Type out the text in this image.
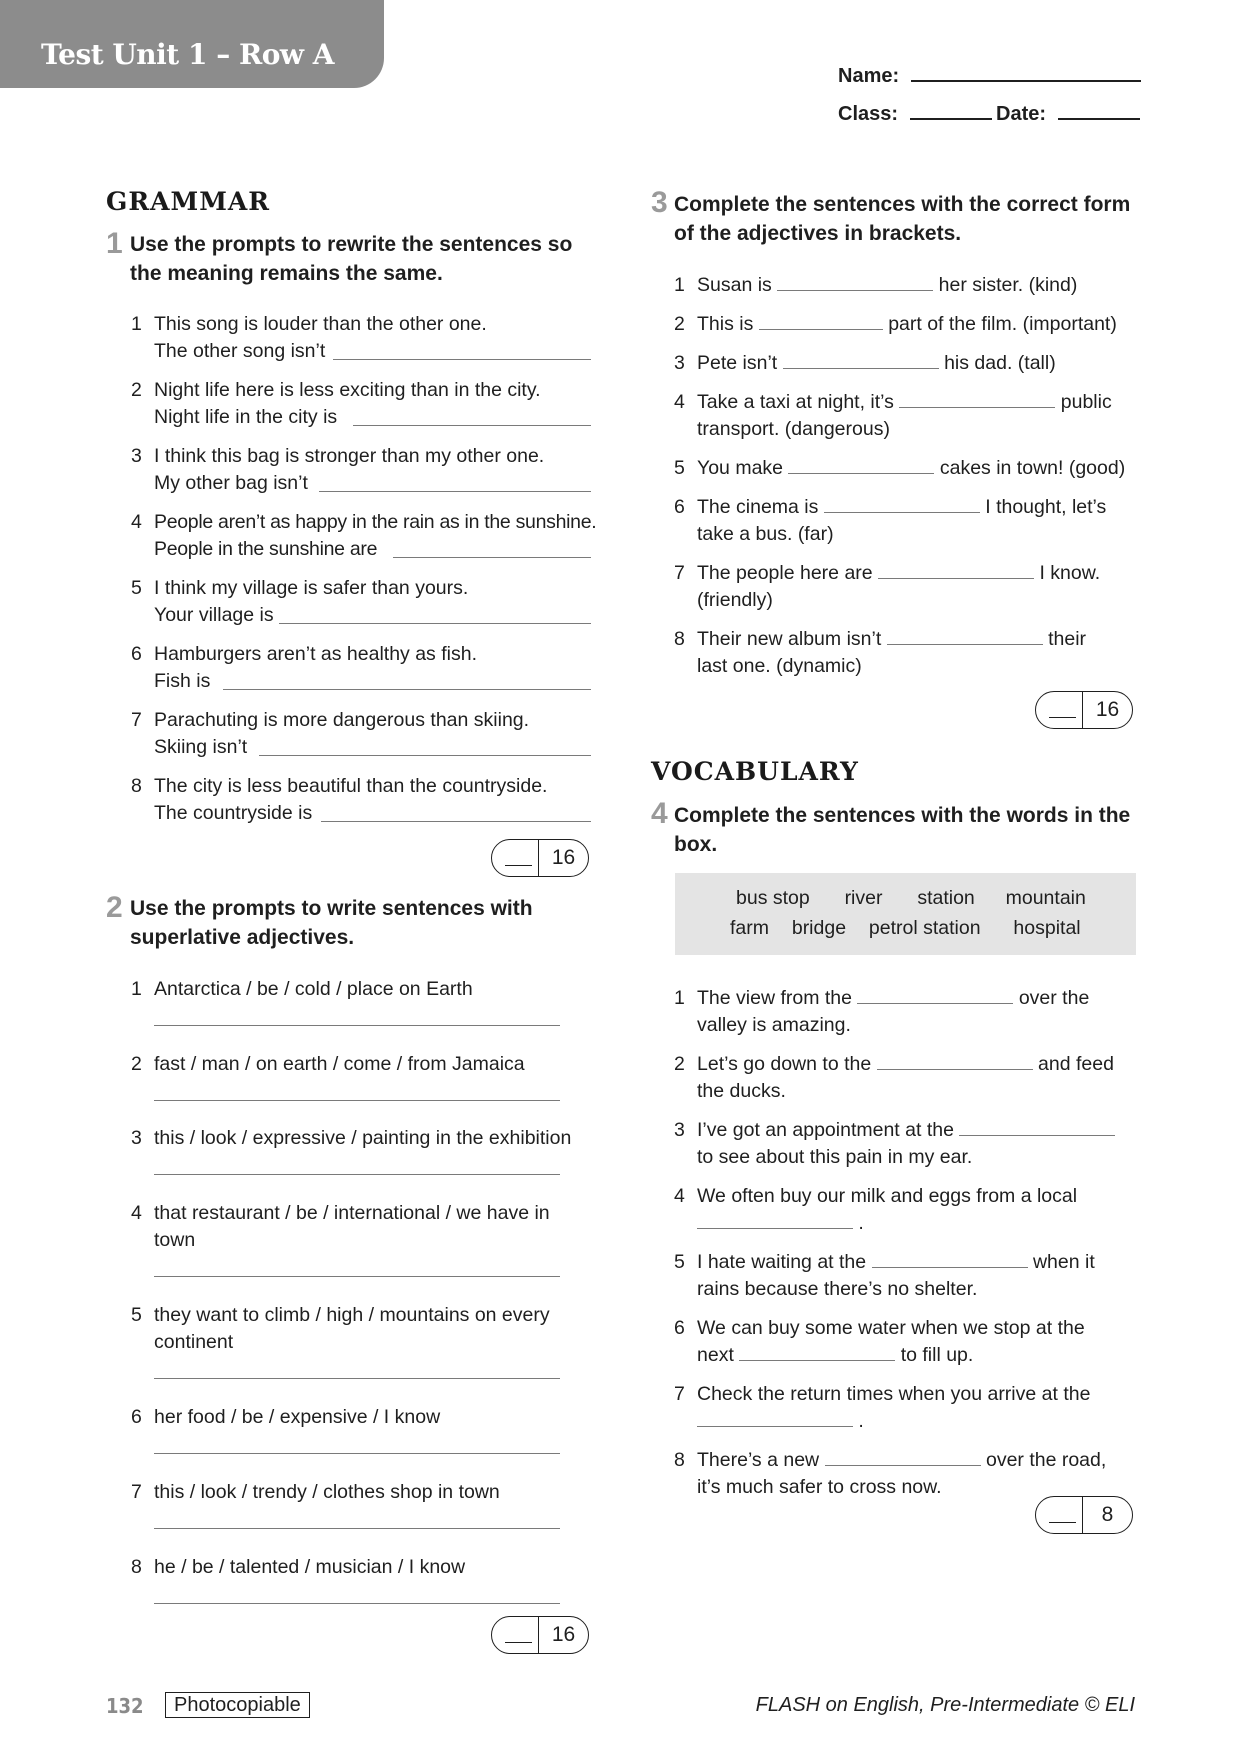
Test Unit 1 – Row A
Name:
Class:	Date:
GRAMMAR
1 Use the prompts to rewrite the sentences so
the meaning remains the same.
1 This song is louder than the other one.
The other song isn’t
2 Night life here is less exciting than in the city.
Night life in the city is
3 I think this bag is stronger than my other one.
My other bag isn’t
4 People aren’t as happy in the rain as in the sunshine.
People in the sunshine are
5 I think my village is safer than yours.
Your village is
6 Hamburgers aren’t as healthy as fish.
Fish is
7 Parachuting is more dangerous than skiing.
Skiing isn’t
8 The city is less beautiful than the countryside.
The countryside is
16
2 Use the prompts to write sentences with
superlative adjectives.
1 Antarctica / be / cold / place on Earth
2 fast / man / on earth / come / from Jamaica
3 this / look / expressive / painting in the exhibition
4 that restaurant / be / international / we have in
town
5 they want to climb / high / mountains on every
continent
6 her food / be / expensive / I know
7 this / look / trendy / clothes shop in town
8 he / be / talented / musician / I know
16
3 Complete the sentences with the correct form
of the adjectives in brackets.
1 Susan is	her sister. (kind)
2 This is	part of the film. (important)
3 Pete isn’t	his dad. (tall)
4 Take a taxi at night, it’s	public
transport. (dangerous)
5 You make	cakes in town! (good)
6 The cinema is	I thought, let’s
take a bus. (far)
7 The people here are	I know.
(friendly)
8 Their new album isn’t	their
last one. (dynamic)
16
VOCABULARY
4 Complete the sentences with the words in the
box.
bus stop river station mountain
farm bridge petrol station hospital
1 The view from the	over the
valley is amazing.
2 Let’s go down to the	and feed
the ducks.
3 I’ve got an appointment at the
to see about this pain in my ear.
4 We often buy our milk and eggs from a local
.
5 I hate waiting at the	when it
rains because there’s no shelter.
6 We can buy some water when we stop at the
next	to fill up.
7 Check the return times when you arrive at the
.
8 There’s a new	over the road,
it’s much safer to cross now.
8
132	Photocopiable	FLASH on English, Pre-Intermediate © ELI
